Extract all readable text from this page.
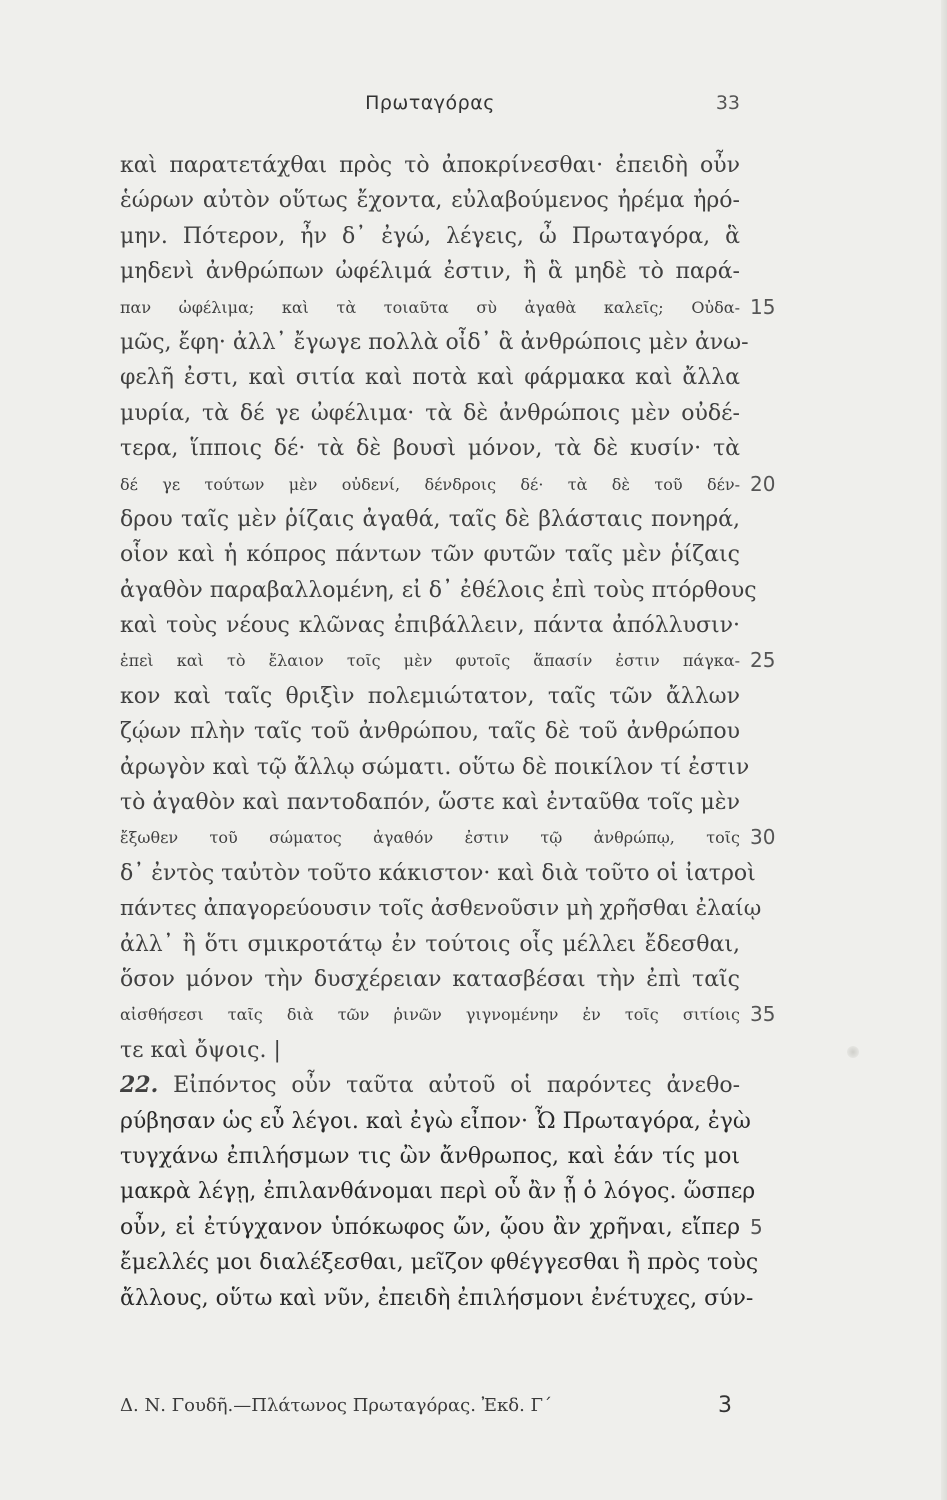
Πρωταγόρας	33
καὶ παρατετάχθαι πρὸς τὸ ἀποκρίνεσθαι· ἐπειδὴ οὖν
ἑώρων αὐτὸν οὕτως ἔχοντα, εὐλαβούμενος ἠρέμα ἠρό-
μην. Πότερον, ἦν δ᾽ ἐγώ, λέγεις, ὦ Πρωταγόρα, ἃ
μηδενὶ ἀνθρώπων ὠφέλιμά ἐστιν, ἢ ἃ μηδὲ τὸ παρά-
παν ὠφέλιμα; καὶ τὰ τοιαῦτα σὺ ἀγαθὰ καλεῖς; Οὐδα- 15
μῶς, ἔφη· ἀλλ᾽ ἔγωγε πολλὰ οἶδ᾽ ἃ ἀνθρώποις μὲν ἀνω-
φελῆ ἐστι, καὶ σιτία καὶ ποτὰ καὶ φάρμακα καὶ ἄλλα
μυρία, τὰ δέ γε ὠφέλιμα· τὰ δὲ ἀνθρώποις μὲν οὐδέ-
τερα, ἵπποις δέ· τὰ δὲ βουσὶ μόνον, τὰ δὲ κυσίν· τὰ
δέ γε τούτων μὲν οὐδενί, δένδροις δέ· τὰ δὲ τοῦ δέν- 20
δρου ταῖς μὲν ῥίζαις ἀγαθά, ταῖς δὲ βλάσταις πονηρά,
οἷον καὶ ἡ κόπρος πάντων τῶν φυτῶν ταῖς μὲν ῥίζαις
ἀγαθὸν παραβαλλομένη, εἰ δ᾽ ἐθέλοις ἐπὶ τοὺς πτόρθους
καὶ τοὺς νέους κλῶνας ἐπιβάλλειν, πάντα ἀπόλλυσιν·
ἐπεὶ καὶ τὸ ἔλαιον τοῖς μὲν φυτοῖς ἅπασίν ἐστιν πάγκα- 25
κον καὶ ταῖς θριξὶν πολεμιώτατον, ταῖς τῶν ἄλλων
ζῴων πλὴν ταῖς τοῦ ἀνθρώπου, ταῖς δὲ τοῦ ἀνθρώπου
ἀρωγὸν καὶ τῷ ἄλλῳ σώματι. οὕτω δὲ ποικίλον τί ἐστιν
τὸ ἀγαθὸν καὶ παντοδαπόν, ὥστε καὶ ἐνταῦθα τοῖς μὲν
ἔξωθεν τοῦ σώματος ἀγαθόν ἐστιν τῷ ἀνθρώπῳ, τοῖς 30
δ᾽ ἐντὸς ταὐτὸν τοῦτο κάκιστον· καὶ διὰ τοῦτο οἱ ἰατροὶ
πάντες ἀπαγορεύουσιν τοῖς ἀσθενοῦσιν μὴ χρῆσθαι ἐλαίῳ
ἀλλ᾽ ἢ ὅτι σμικροτάτῳ ἐν τούτοις οἷς μέλλει ἔδεσθαι,
ὅσον μόνον τὴν δυσχέρειαν κατασβέσαι τὴν ἐπὶ ταῖς
αἰσθήσεσι ταῖς διὰ τῶν ῥινῶν γιγνομένην ἐν τοῖς σιτίοις 35
τε καὶ ὄψοις. |
22. Εἰπόντος οὖν ταῦτα αὐτοῦ οἱ παρόντες ἀνεθο-
ρύβησαν ὡς εὖ λέγοι. καὶ ἐγὼ εἶπον· Ὦ Πρωταγόρα, ἐγὼ
τυγχάνω ἐπιλήσμων τις ὢν ἄνθρωπος, καὶ ἐάν τίς μοι
μακρὰ λέγῃ, ἐπιλανθάνομαι περὶ οὗ ἂν ᾖ ὁ λόγος. ὥσπερ
οὖν, εἰ ἐτύγχανον ὑπόκωφος ὤν, ᾤου ἂν χρῆναι, εἴπερ 5
ἔμελλές μοι διαλέξεσθαι, μεῖζον φθέγγεσθαι ἢ πρὸς τοὺς
ἄλλους, οὕτω καὶ νῦν, ἐπειδὴ ἐπιλήσμονι ἐνέτυχες, σύν-
Δ. Ν. Γουδῆ.—Πλάτωνος Πρωταγόρας. Ἐκδ. Γ´	3
